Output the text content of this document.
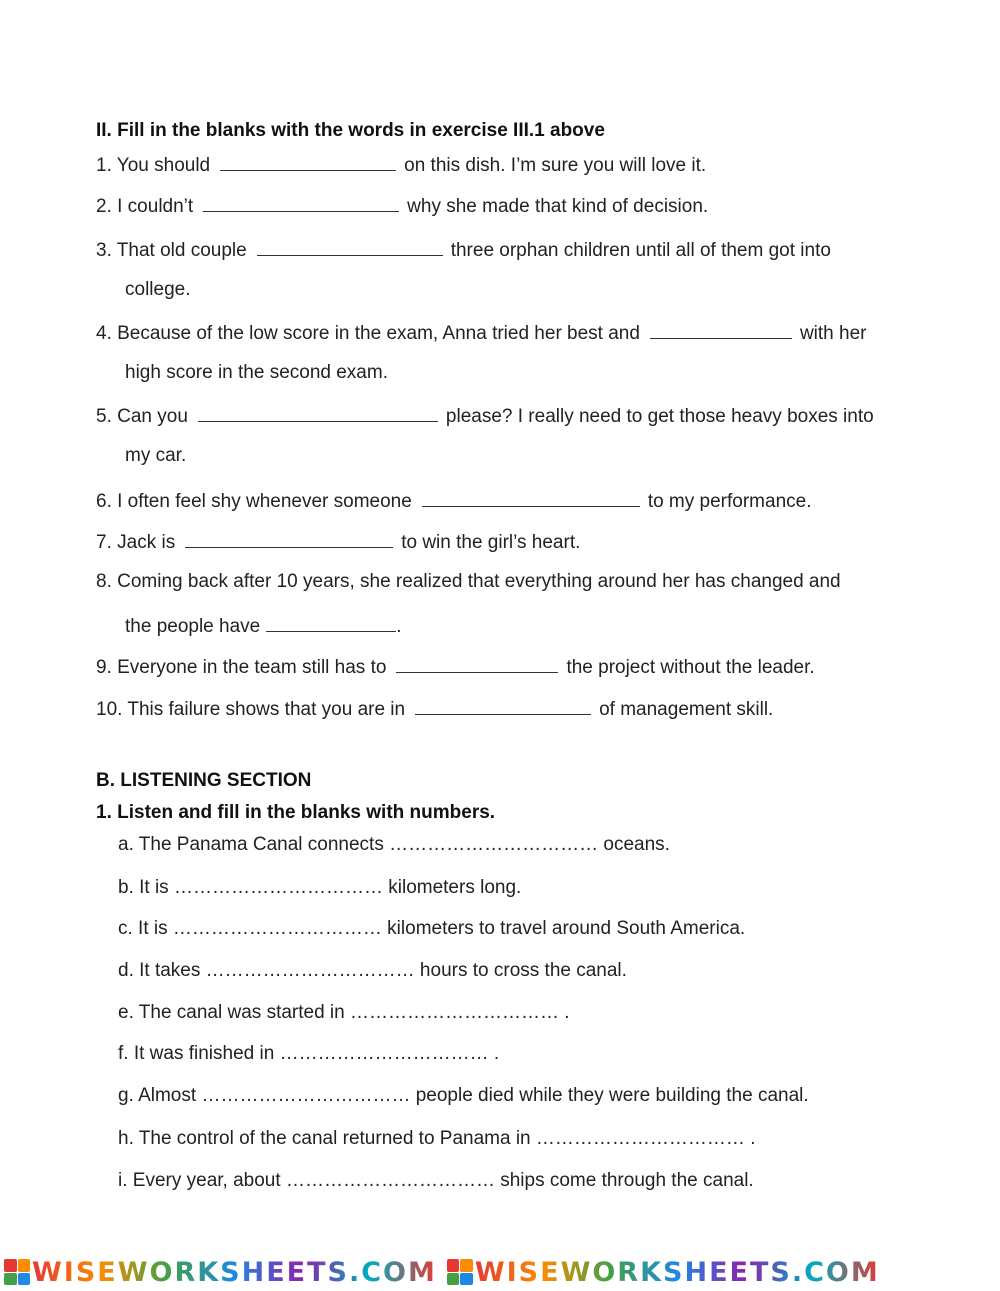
II. Fill in the blanks with the words in exercise III.1 above
1. You should	on this dish. I’m sure you will love it.
2. I couldn’t	why she made that kind of decision.
3. That old couple	three orphan children until all of them got into
college.
4. Because of the low score in the exam, Anna tried her best and	with her
high score in the second exam.
5. Can you	please? I really need to get those heavy boxes into
my car.
6. I often feel shy whenever someone	to my performance.
7. Jack is	to win the girl’s heart.
8. Coming back after 10 years, she realized that everything around her has changed and
the people have	.
9. Everyone in the team still has to	the project without the leader.
10. This failure shows that you are in	of management skill.
B. LISTENING SECTION
1. Listen and fill in the blanks with numbers.
a. The Panama Canal connects …………………………… oceans.
b. It is …………………………… kilometers long.
c. It is …………………………… kilometers to travel around South America.
d. It takes …………………………… hours to cross the canal.
e. The canal was started in …………………………… .
f. It was finished in …………………………… .
g. Almost …………………………… people died while they were building the canal.
h. The control of the canal returned to Panama in …………………………… .
i. Every year, about …………………………… ships come through the canal.
WISEWORKSHEETS.COM WISEWORKSHEETS.COM
